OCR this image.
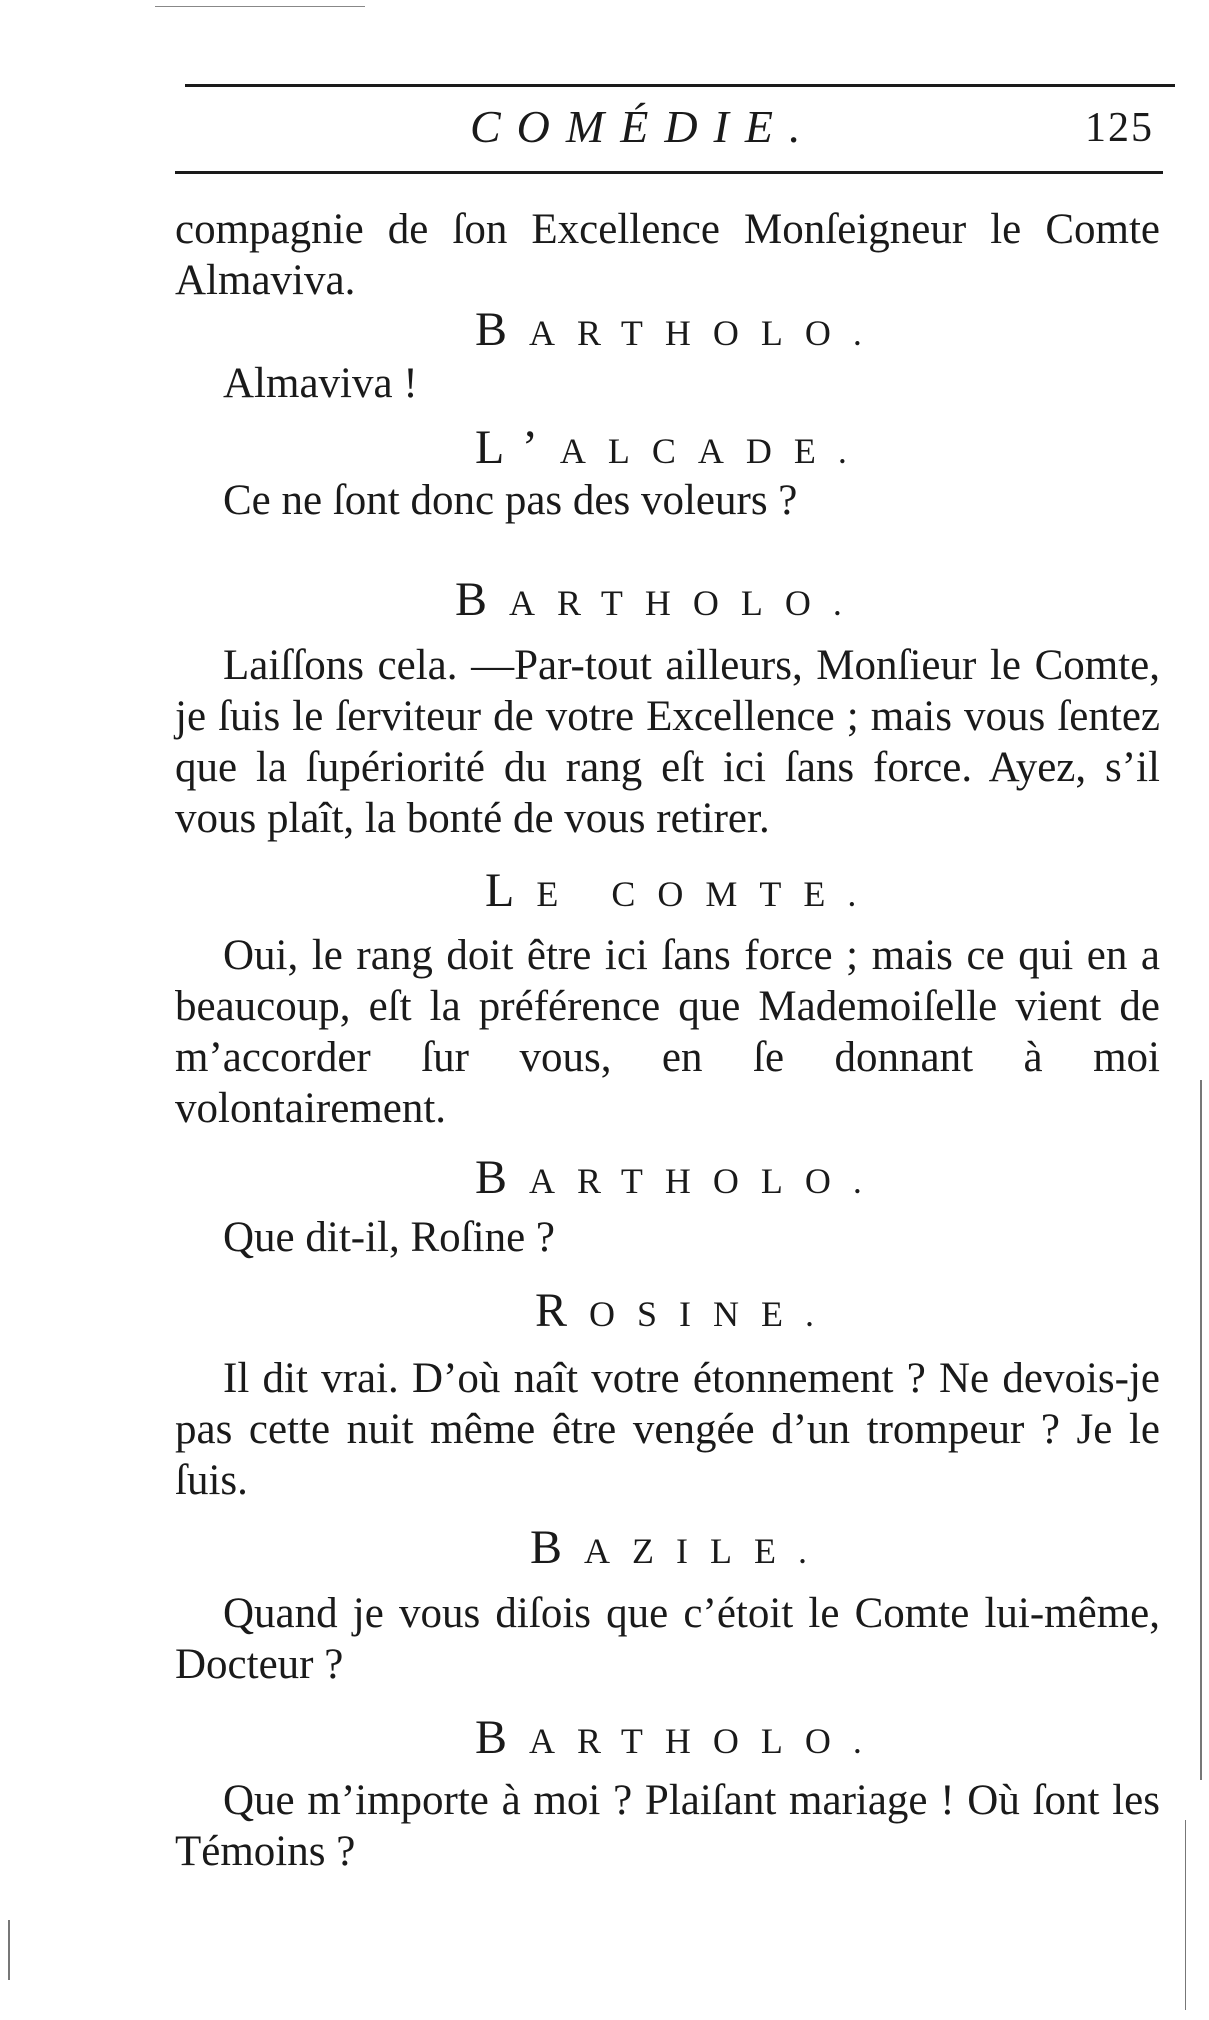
COMÉDIE.	125
compagnie de ſon Excellence Monſeigneur le Comte Almaviva.
BARTHOLO.
Almaviva !
L’ALCADE.
Ce ne ſont donc pas des voleurs ?
BARTHOLO.
Laiſſons cela. —Par-tout ailleurs, Monſieur le Comte, je ſuis le ſerviteur de votre Excellence ; mais vous ſentez que la ſupériorité du rang eſt ici ſans force. Ayez, s’il vous plaît, la bonté de vous retirer.
LE COMTE.
Oui, le rang doit être ici ſans force ; mais ce qui en a beaucoup, eſt la préférence que Mademoiſelle vient de m’accorder ſur vous, en ſe donnant à moi volontairement.
BARTHOLO.
Que dit-il, Roſine ?
ROSINE.
Il dit vrai. D’où naît votre étonnement ? Ne devois-je pas cette nuit même être vengée d’un trompeur ? Je le ſuis.
BAZILE.
Quand je vous diſois que c’étoit le Comte lui-même, Docteur ?
BARTHOLO.
Que m’importe à moi ? Plaiſant mariage ! Où ſont les Témoins ?
